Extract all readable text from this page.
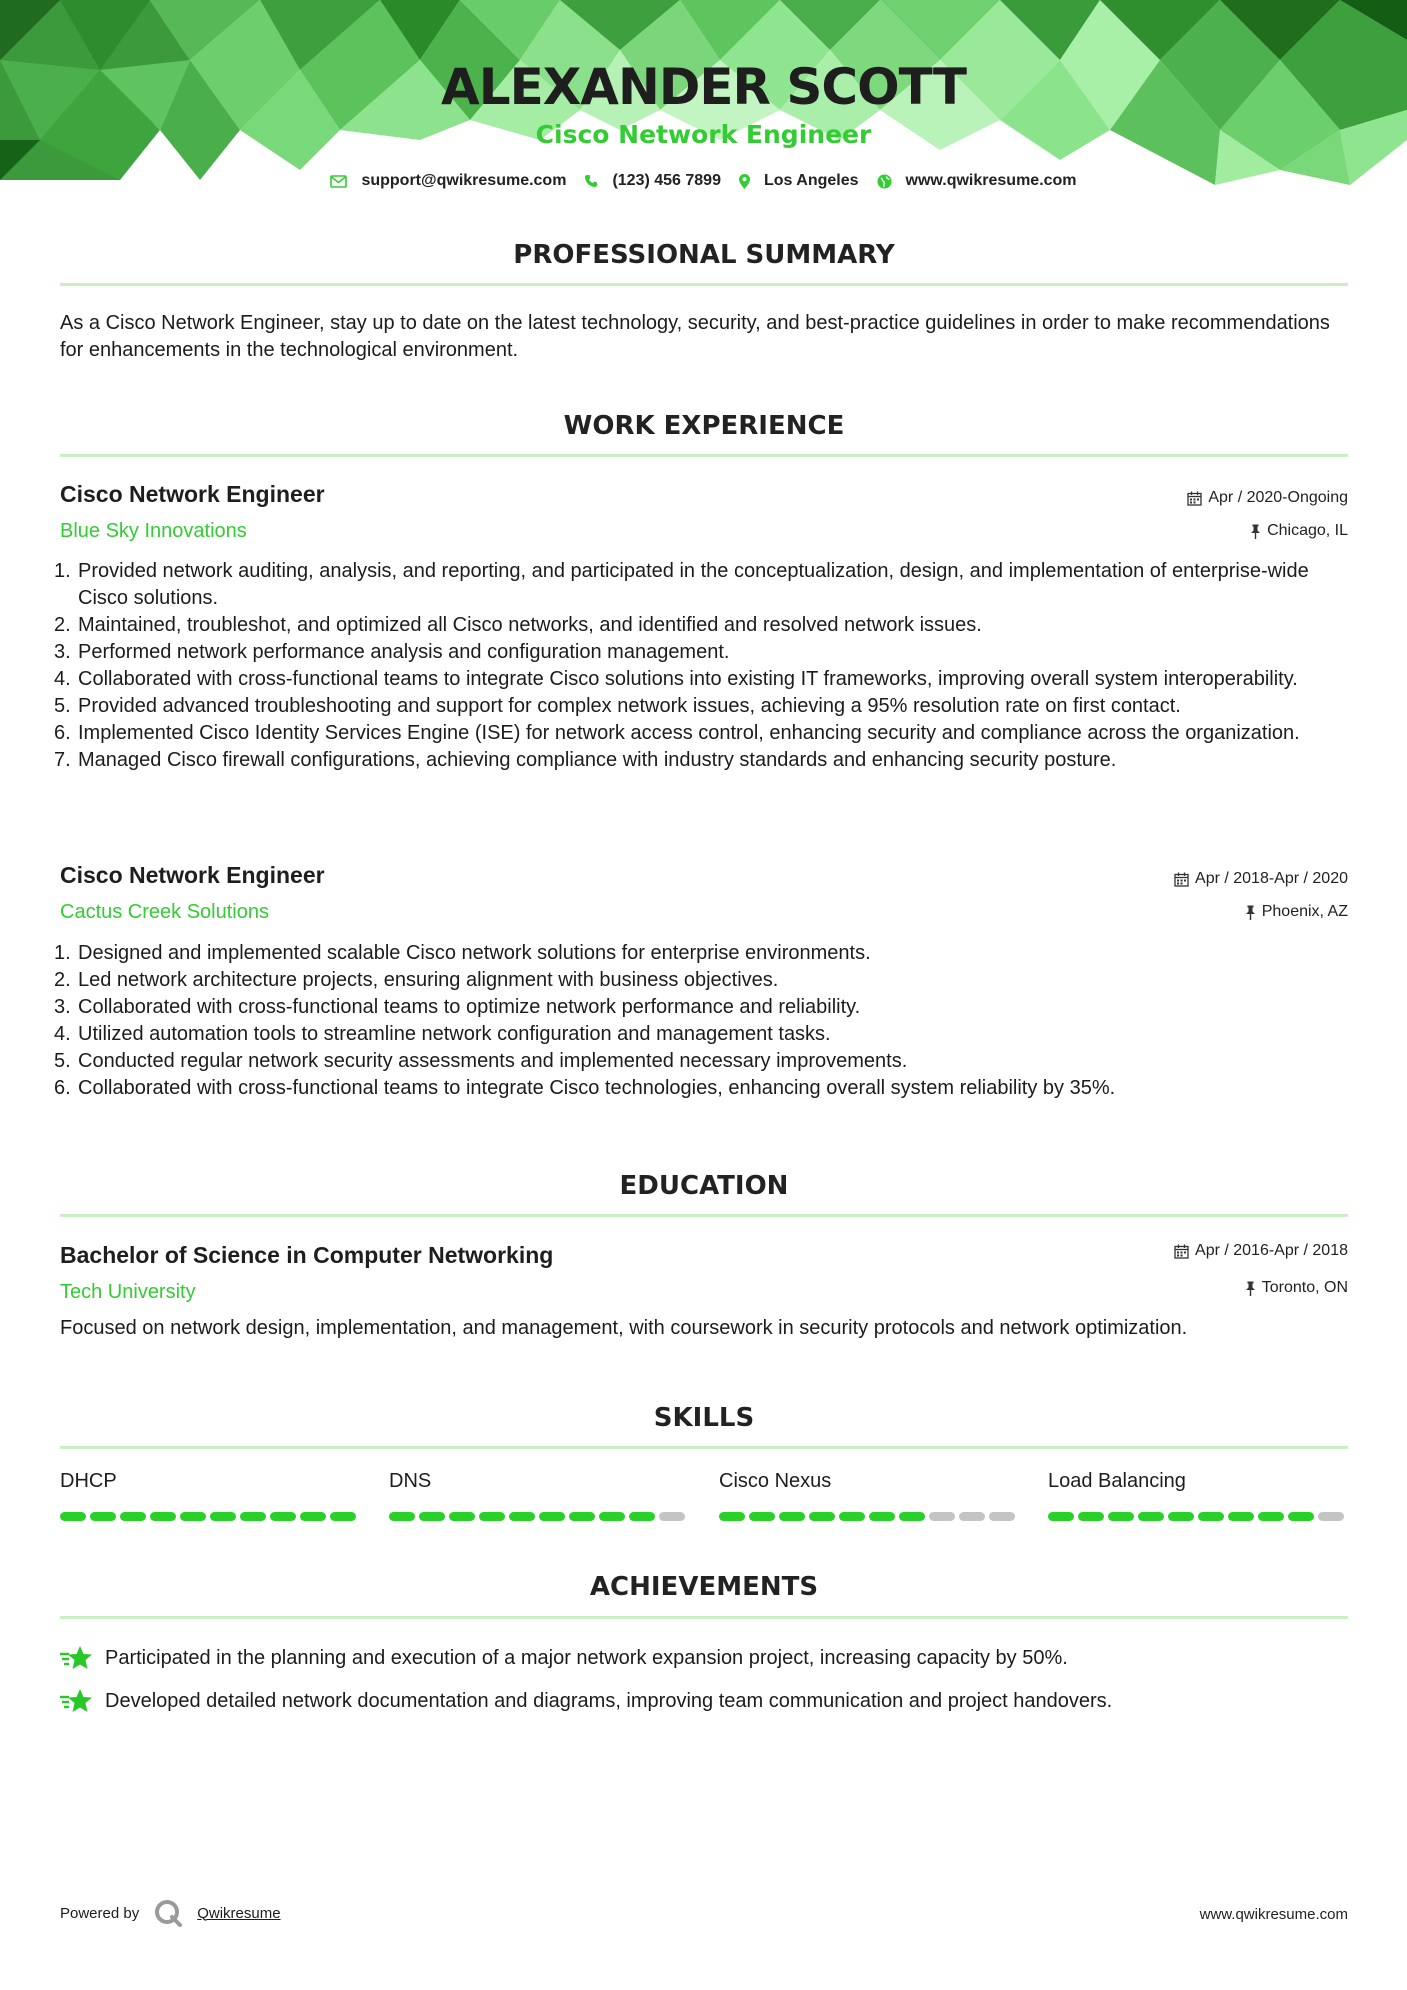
ALEXANDER SCOTT
Cisco Network Engineer
support@qwikresume.com	(123) 456 7899	Los Angeles	www.qwikresume.com
PROFESSIONAL SUMMARY
As a Cisco Network Engineer, stay up to date on the latest technology, security, and best-practice guidelines in order to make recommendations for enhancements in the technological environment.
WORK EXPERIENCE
Cisco Network Engineer	Apr / 2020-Ongoing
Blue Sky Innovations	Chicago, IL
1. Provided network auditing, analysis, and reporting, and participated in the conceptualization, design, and implementation of enterprise-wide Cisco solutions.
2. Maintained, troubleshot, and optimized all Cisco networks, and identified and resolved network issues.
3. Performed network performance analysis and configuration management.
4. Collaborated with cross-functional teams to integrate Cisco solutions into existing IT frameworks, improving overall system interoperability.
5. Provided advanced troubleshooting and support for complex network issues, achieving a 95% resolution rate on first contact.
6. Implemented Cisco Identity Services Engine (ISE) for network access control, enhancing security and compliance across the organization.
7. Managed Cisco firewall configurations, achieving compliance with industry standards and enhancing security posture.
Cisco Network Engineer	Apr / 2018-Apr / 2020
Cactus Creek Solutions	Phoenix, AZ
1. Designed and implemented scalable Cisco network solutions for enterprise environments.
2. Led network architecture projects, ensuring alignment with business objectives.
3. Collaborated with cross-functional teams to optimize network performance and reliability.
4. Utilized automation tools to streamline network configuration and management tasks.
5. Conducted regular network security assessments and implemented necessary improvements.
6. Collaborated with cross-functional teams to integrate Cisco technologies, enhancing overall system reliability by 35%.
EDUCATION
Bachelor of Science in Computer Networking	Apr / 2016-Apr / 2018
Tech University	Toronto, ON
Focused on network design, implementation, and management, with coursework in security protocols and network optimization.
SKILLS
DHCP	DNS	Cisco Nexus	Load Balancing
ACHIEVEMENTS
Participated in the planning and execution of a major network expansion project, increasing capacity by 50%.
Developed detailed network documentation and diagrams, improving team communication and project handovers.
Powered by	Qwikresume	www.qwikresume.com
